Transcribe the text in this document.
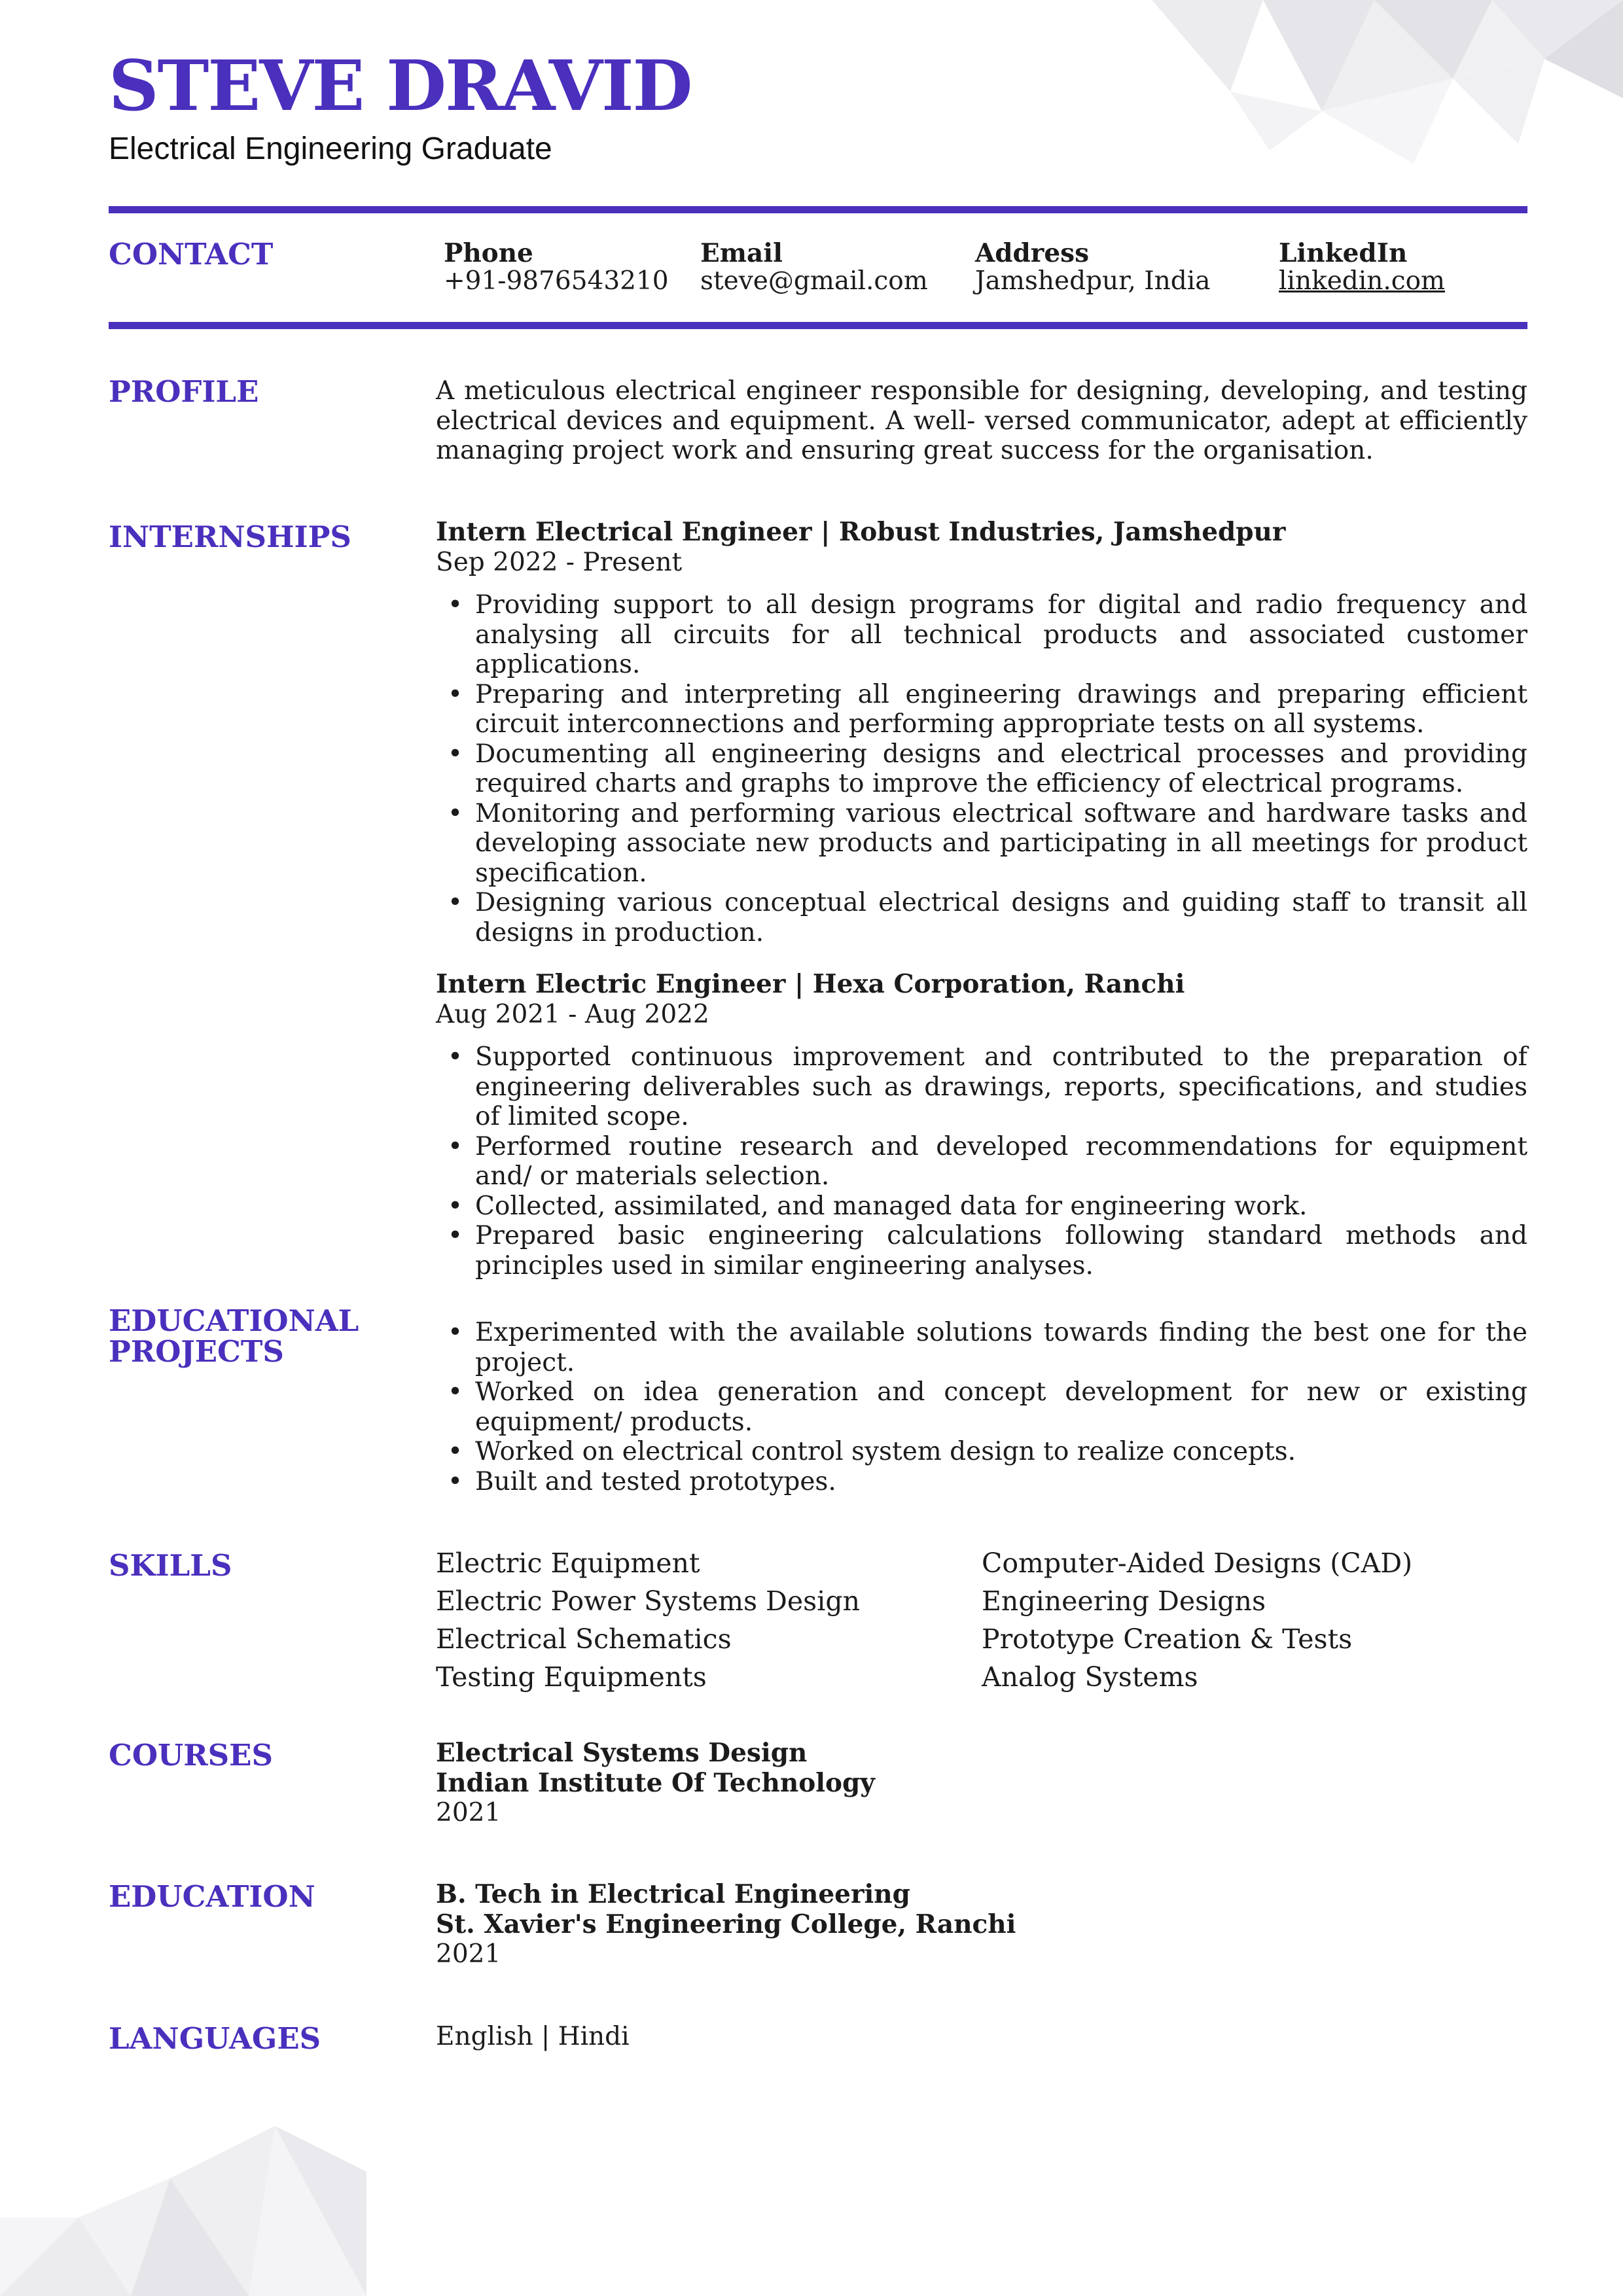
STEVE DRAVID
Electrical Engineering Graduate
CONTACT	Phone
+91-9876543210
Email
steve@gmail.com
Address
Jamshedpur, India
LinkedIn
linkedin.com
PROFILE	A meticulous electrical engineer responsible for designing, developing, and testing electrical devices and equipment. A well- versed communicator, adept at efficiently managing project work and ensuring great success for the organisation.
INTERNSHIPS	Intern Electrical Engineer | Robust Industries, Jamshedpur
Sep 2022 - Present
• Providing support to all design programs for digital and radio frequency and analysing all circuits for all technical products and associated customer applications.
• Preparing and interpreting all engineering drawings and preparing efficient circuit interconnections and performing appropriate tests on all systems.
• Documenting all engineering designs and electrical processes and providing required charts and graphs to improve the efficiency of electrical programs.
• Monitoring and performing various electrical software and hardware tasks and developing associate new products and participating in all meetings for product specification.
• Designing various conceptual electrical designs and guiding staff to transit all designs in production.
Intern Electric Engineer | Hexa Corporation, Ranchi
Aug 2021 - Aug 2022
• Supported continuous improvement and contributed to the preparation of engineering deliverables such as drawings, reports, specifications, and studies of limited scope.
• Performed routine research and developed recommendations for equipment and/ or materials selection.
• Collected, assimilated, and managed data for engineering work.
• Prepared basic engineering calculations following standard methods and principles used in similar engineering analyses.
EDUCATIONAL
PROJECTS
• Experimented with the available solutions towards finding the best one for the project.
• Worked on idea generation and concept development for new or existing equipment/ products.
• Worked on electrical control system design to realize concepts.
• Built and tested prototypes.
SKILLS	Electric Equipment
Electric Power Systems Design
Electrical Schematics
Testing Equipments
Computer-Aided Designs (CAD)
Engineering Designs
Prototype Creation & Tests
Analog Systems
COURSES	Electrical Systems Design
Indian Institute Of Technology
2021
EDUCATION	B. Tech in Electrical Engineering
St. Xavier's Engineering College, Ranchi
2021
LANGUAGES	English | Hindi
